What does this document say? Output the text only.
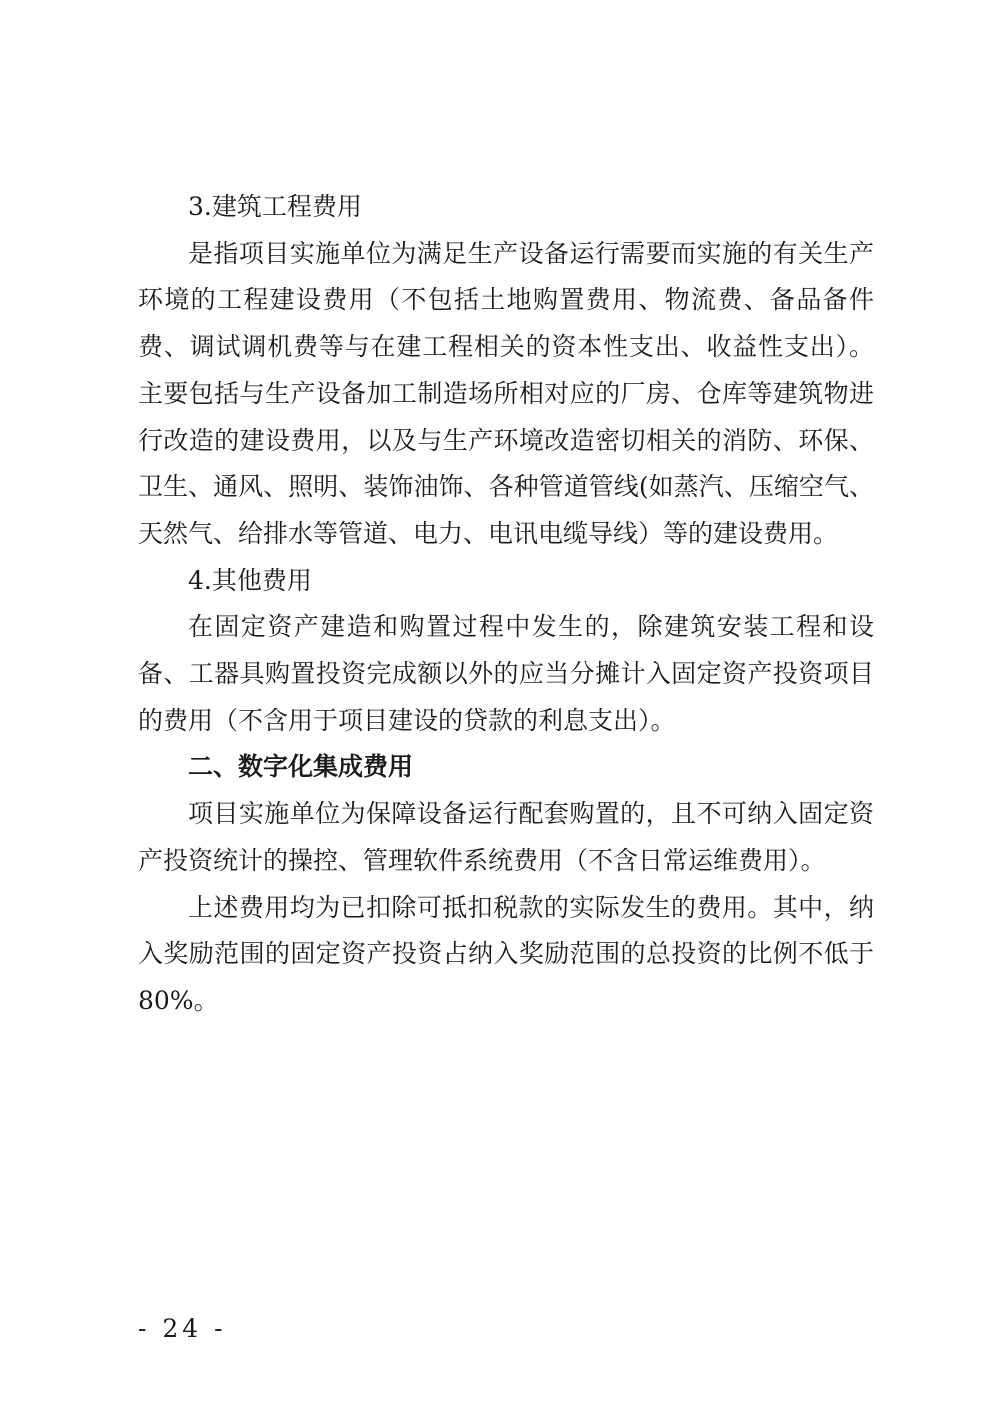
3.建筑工程费用

是指项目实施单位为满足生产设备运行需要而实施的有关生产环境的工程建设费用（不包括土地购置费用、物流费、备品备件费、调试调机费等与在建工程相关的资本性支出、收益性支出）。主要包括与生产设备加工制造场所相对应的厂房、仓库等建筑物进行改造的建设费用，以及与生产环境改造密切相关的消防、环保、卫生、通风、照明、装饰油饰、各种管道管线(如蒸汽、压缩空气、天然气、给排水等管道、电力、电讯电缆导线）等的建设费用。

4.其他费用

在固定资产建造和购置过程中发生的，除建筑安装工程和设备、工器具购置投资完成额以外的应当分摊计入固定资产投资项目的费用（不含用于项目建设的贷款的利息支出）。

二、数字化集成费用

项目实施单位为保障设备运行配套购置的，且不可纳入固定资产投资统计的操控、管理软件系统费用（不含日常运维费用）。

上述费用均为已扣除可抵扣税款的实际发生的费用。其中，纳入奖励范围的固定资产投资占纳入奖励范围的总投资的比例不低于80%。

- 24 -
